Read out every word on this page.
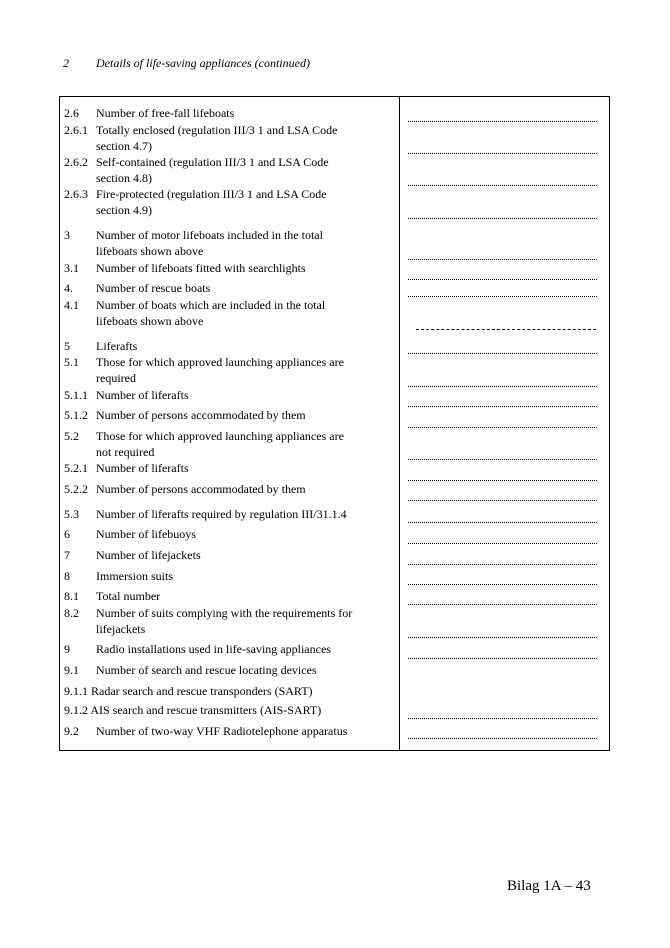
2 Details of life-saving appliances (continued)
2.6 Number of free-fall lifeboats
2.6.1 Totally enclosed (regulation III/3 1 and LSA Code
section 4.7)
2.6.2 Self-contained (regulation III/3 1 and LSA Code
section 4.8)
2.6.3 Fire-protected (regulation III/3 1 and LSA Code
section 4.9)
3 Number of motor lifeboats included in the total
lifeboats shown above
3.1 Number of lifeboats fitted with searchlights
4. Number of rescue boats
4.1 Number of boats which are included in the total
lifeboats shown above
5 Liferafts
5.1 Those for which approved launching appliances are
required
5.1.1 Number of liferafts
5.1.2 Number of persons accommodated by them
5.2 Those for which approved launching appliances are
not required
5.2.1 Number of liferafts
5.2.2 Number of persons accommodated by them
5.3 Number of liferafts required by regulation III/31.1.4
6 Number of lifebuoys
7 Number of lifejackets
8 Immersion suits
8.1 Total number
8.2 Number of suits complying with the requirements for
lifejackets
9 Radio installations used in life-saving appliances
9.1 Number of search and rescue locating devices
9.1.1 Radar search and rescue transponders (SART)
9.1.2 AIS search and rescue transmitters (AIS-SART)
9.2 Number of two-way VHF Radiotelephone apparatus
Bilag 1A – 43
